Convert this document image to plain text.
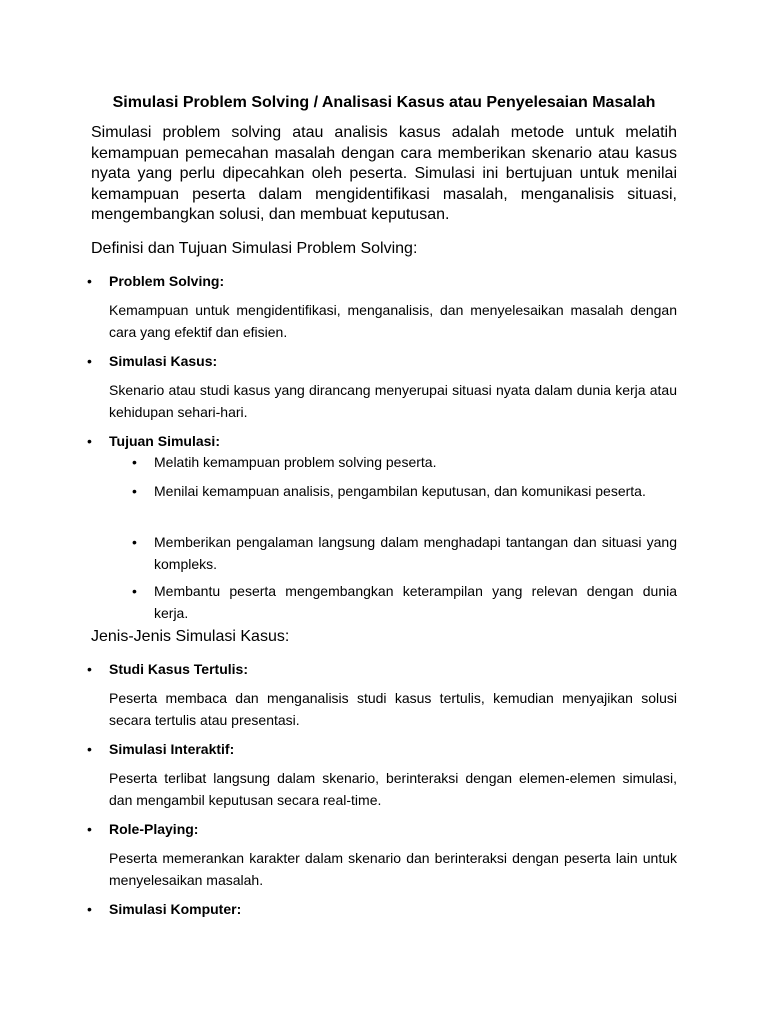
Simulasi Problem Solving / Analisasi Kasus atau Penyelesaian Masalah

Simulasi problem solving atau analisis kasus adalah metode untuk melatih kemampuan pemecahan masalah dengan cara memberikan skenario atau kasus nyata yang perlu dipecahkan oleh peserta. Simulasi ini bertujuan untuk menilai kemampuan peserta dalam mengidentifikasi masalah, menganalisis situasi, mengembangkan solusi, dan membuat keputusan.

Definisi dan Tujuan Simulasi Problem Solving:

• Problem Solving:

Kemampuan untuk mengidentifikasi, menganalisis, dan menyelesaikan masalah dengan cara yang efektif dan efisien.

• Simulasi Kasus:

Skenario atau studi kasus yang dirancang menyerupai situasi nyata dalam dunia kerja atau kehidupan sehari-hari.

• Tujuan Simulasi:

• Melatih kemampuan problem solving peserta.

• Menilai kemampuan analisis, pengambilan keputusan, dan komunikasi peserta.

• Memberikan pengalaman langsung dalam menghadapi tantangan dan situasi yang kompleks.

• Membantu peserta mengembangkan keterampilan yang relevan dengan dunia kerja.

Jenis-Jenis Simulasi Kasus:

• Studi Kasus Tertulis:

Peserta membaca dan menganalisis studi kasus tertulis, kemudian menyajikan solusi secara tertulis atau presentasi.

• Simulasi Interaktif:

Peserta terlibat langsung dalam skenario, berinteraksi dengan elemen-elemen simulasi, dan mengambil keputusan secara real-time.

• Role-Playing:

Peserta memerankan karakter dalam skenario dan berinteraksi dengan peserta lain untuk menyelesaikan masalah.

• Simulasi Komputer:
